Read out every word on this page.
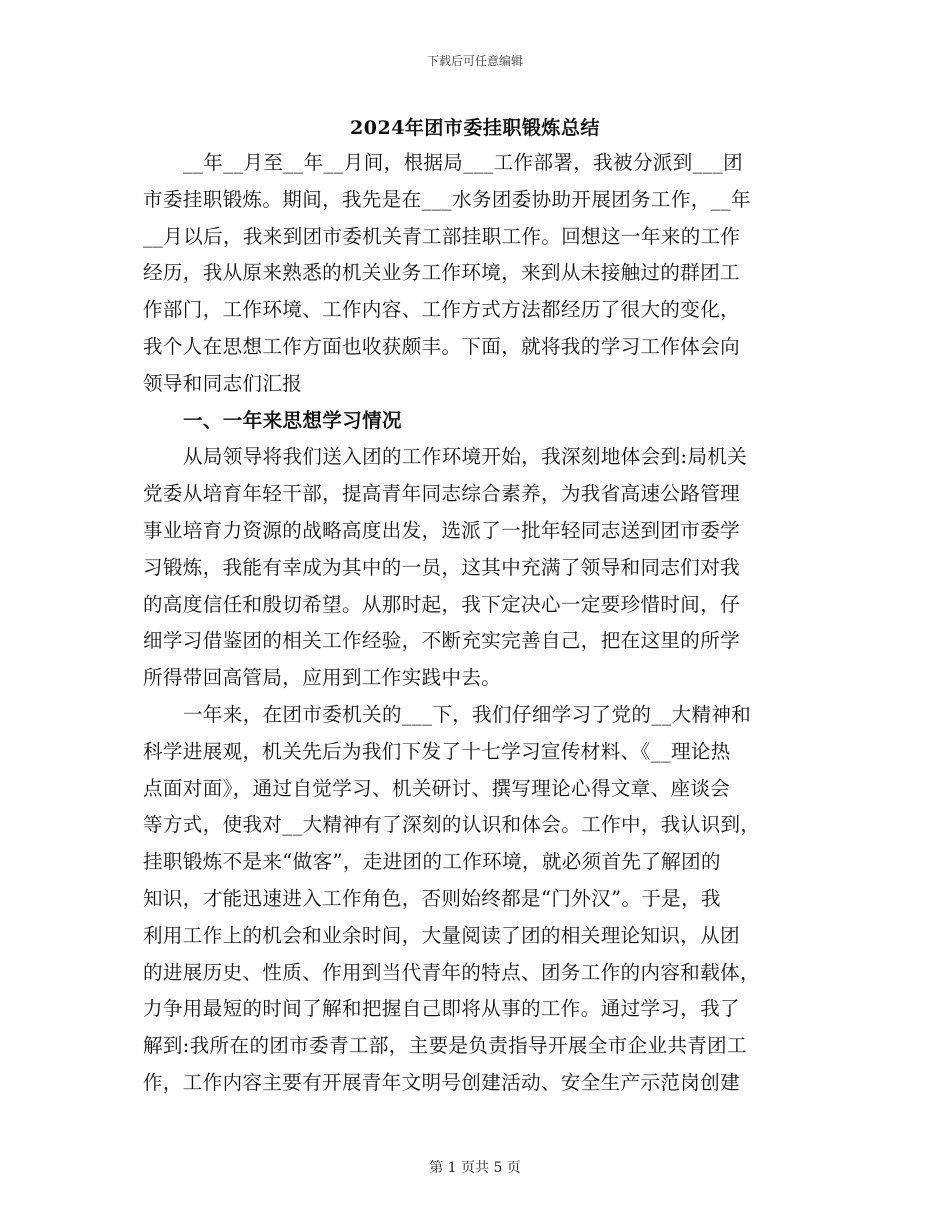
下载后可任意编辑
2024年团市委挂职锻炼总结

__年__月至__年__月间，根据局___工作部署，我被分派到___团

市委挂职锻炼。期间，我先是在___水务团委协助开展团务工作，__年

__月以后，我来到团市委机关青工部挂职工作。回想这一年来的工作

经历，我从原来熟悉的机关业务工作环境，来到从未接触过的群团工

作部门，工作环境、工作内容、工作方式方法都经历了很大的变化，

我个人在思想工作方面也收获颇丰。下面，就将我的学习工作体会向

领导和同志们汇报

一、一年来思想学习情况

从局领导将我们送入团的工作环境开始，我深刻地体会到:局机关

党委从培育年轻干部，提高青年同志综合素养，为我省高速公路管理

事业培育力资源的战略高度出发，选派了一批年轻同志送到团市委学

习锻炼，我能有幸成为其中的一员，这其中充满了领导和同志们对我

的高度信任和殷切希望。从那时起，我下定决心一定要珍惜时间，仔

细学习借鉴团的相关工作经验，不断充实完善自己，把在这里的所学

所得带回高管局，应用到工作实践中去。

一年来，在团市委机关的___下，我们仔细学习了党的__大精神和

科学进展观，机关先后为我们下发了十七学习宣传材料、《__理论热

点面对面》，通过自觉学习、机关研讨、撰写理论心得文章、座谈会

等方式，使我对__大精神有了深刻的认识和体会。工作中，我认识到，

挂职锻炼不是来“做客”，走进团的工作环境，就必须首先了解团的

知识，才能迅速进入工作角色，否则始终都是“门外汉”。于是，我

利用工作上的机会和业余时间，大量阅读了团的相关理论知识，从团

的进展历史、性质、作用到当代青年的特点、团务工作的内容和载体，

力争用最短的时间了解和把握自己即将从事的工作。通过学习，我了

解到:我所在的团市委青工部，主要是负责指导开展全市企业共青团工

作，工作内容主要有开展青年文明号创建活动、安全生产示范岗创建

第 1 页共 5 页
